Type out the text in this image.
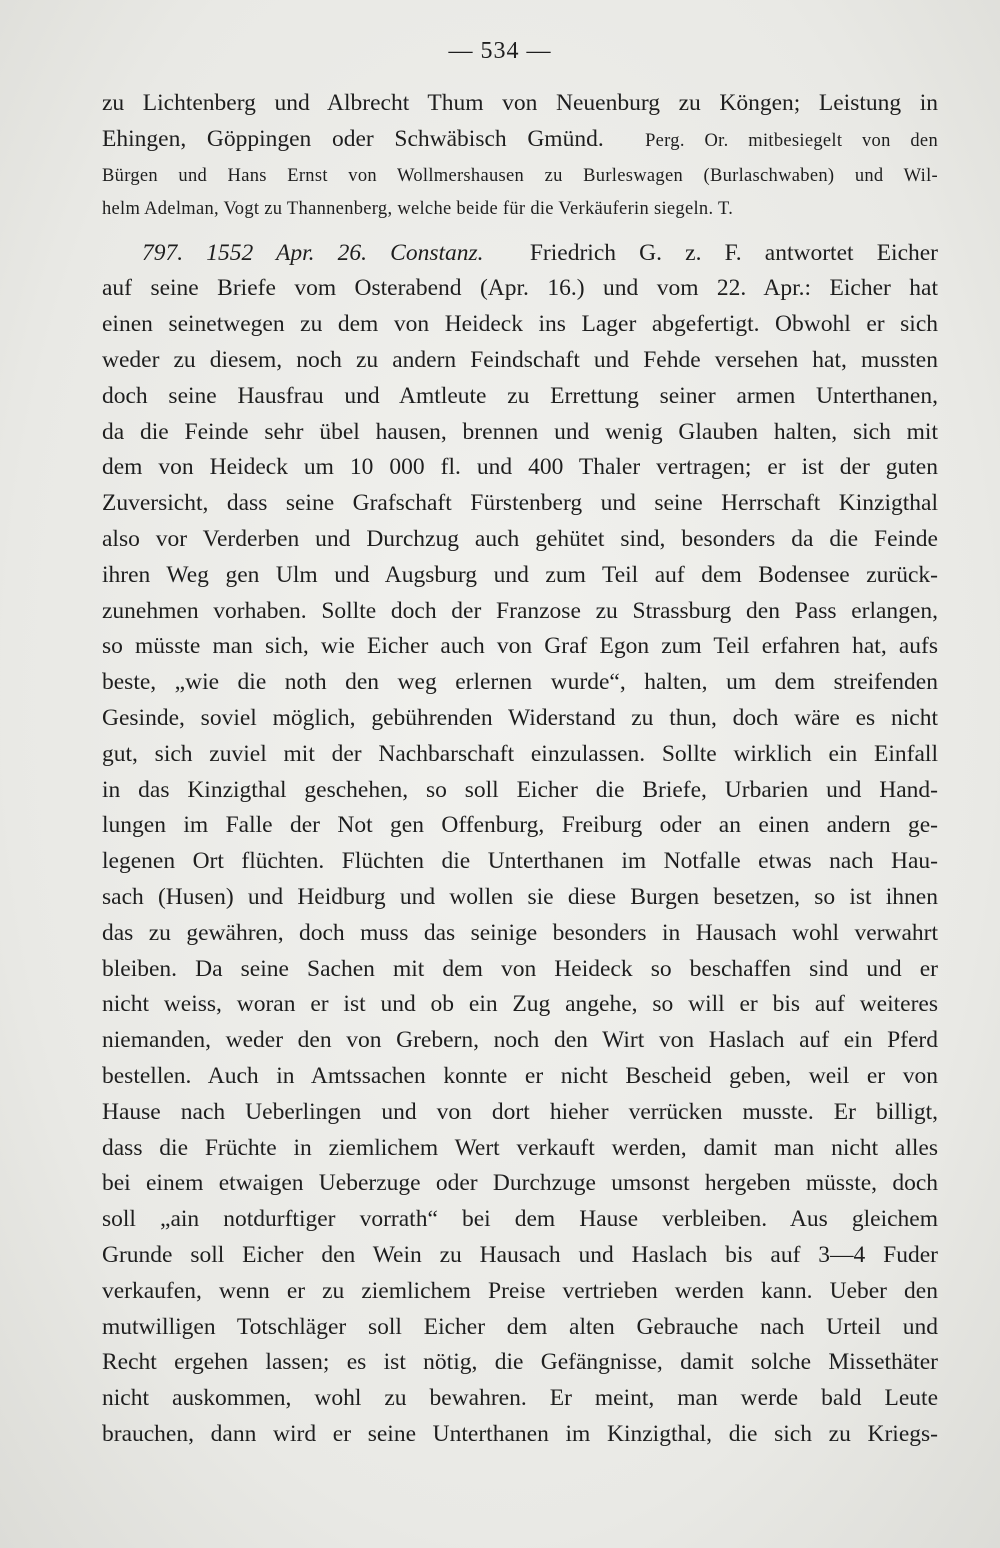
— 534 —
zu Lichtenberg und Albrecht Thum von Neuenburg zu Köngen; Leistung in
Ehingen, Göppingen oder Schwäbisch Gmünd. Perg. Or. mitbesiegelt von den
Bürgen und Hans Ernst von Wollmershausen zu Burleswagen (Burlaschwaben) und Wil-
helm Adelman, Vogt zu Thannenberg, welche beide für die Verkäuferin siegeln. T.
797. 1552 Apr. 26. Constanz. Friedrich G. z. F. antwortet Eicher
auf seine Briefe vom Osterabend (Apr. 16.) und vom 22. Apr.: Eicher hat
einen seinetwegen zu dem von Heideck ins Lager abgefertigt. Obwohl er sich
weder zu diesem, noch zu andern Feindschaft und Fehde versehen hat, mussten
doch seine Hausfrau und Amtleute zu Errettung seiner armen Unterthanen,
da die Feinde sehr übel hausen, brennen und wenig Glauben halten, sich mit
dem von Heideck um 10 000 fl. und 400 Thaler vertragen; er ist der guten
Zuversicht, dass seine Grafschaft Fürstenberg und seine Herrschaft Kinzigthal
also vor Verderben und Durchzug auch gehütet sind, besonders da die Feinde
ihren Weg gen Ulm und Augsburg und zum Teil auf dem Bodensee zurück-
zunehmen vorhaben. Sollte doch der Franzose zu Strassburg den Pass erlangen,
so müsste man sich, wie Eicher auch von Graf Egon zum Teil erfahren hat, aufs
beste, „wie die noth den weg erlernen wurde“, halten, um dem streifenden
Gesinde, soviel möglich, gebührenden Widerstand zu thun, doch wäre es nicht
gut, sich zuviel mit der Nachbarschaft einzulassen. Sollte wirklich ein Einfall
in das Kinzigthal geschehen, so soll Eicher die Briefe, Urbarien und Hand-
lungen im Falle der Not gen Offenburg, Freiburg oder an einen andern ge-
legenen Ort flüchten. Flüchten die Unterthanen im Notfalle etwas nach Hau-
sach (Husen) und Heidburg und wollen sie diese Burgen besetzen, so ist ihnen
das zu gewähren, doch muss das seinige besonders in Hausach wohl verwahrt
bleiben. Da seine Sachen mit dem von Heideck so beschaffen sind und er
nicht weiss, woran er ist und ob ein Zug angehe, so will er bis auf weiteres
niemanden, weder den von Grebern, noch den Wirt von Haslach auf ein Pferd
bestellen. Auch in Amtssachen konnte er nicht Bescheid geben, weil er von
Hause nach Ueberlingen und von dort hieher verrücken musste. Er billigt,
dass die Früchte in ziemlichem Wert verkauft werden, damit man nicht alles
bei einem etwaigen Ueberzuge oder Durchzuge umsonst hergeben müsste, doch
soll „ain notdurftiger vorrath“ bei dem Hause verbleiben. Aus gleichem
Grunde soll Eicher den Wein zu Hausach und Haslach bis auf 3—4 Fuder
verkaufen, wenn er zu ziemlichem Preise vertrieben werden kann. Ueber den
mutwilligen Totschläger soll Eicher dem alten Gebrauche nach Urteil und
Recht ergehen lassen; es ist nötig, die Gefängnisse, damit solche Missethäter
nicht auskommen, wohl zu bewahren. Er meint, man werde bald Leute
brauchen, dann wird er seine Unterthanen im Kinzigthal, die sich zu Kriegs-
